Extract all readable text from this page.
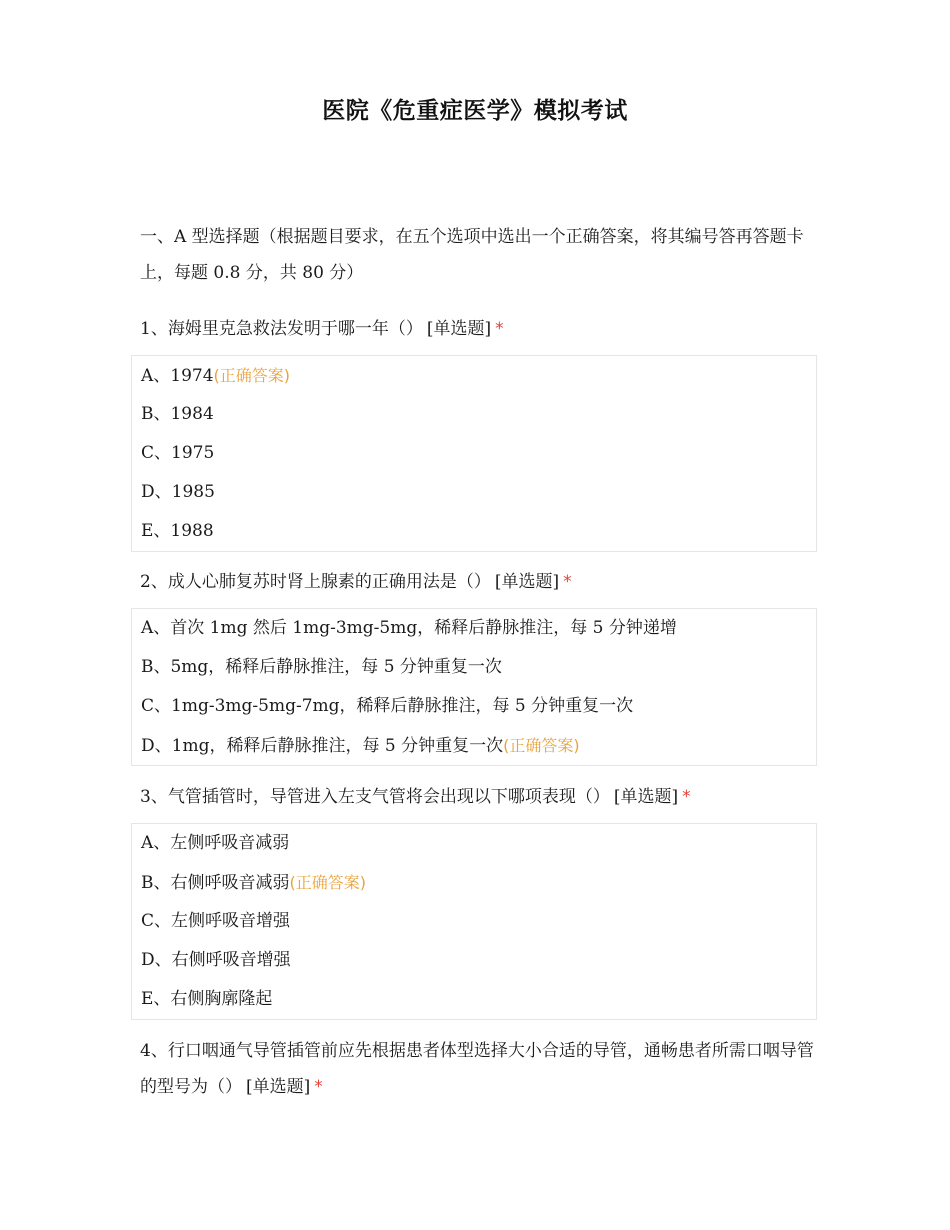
医院《危重症医学》模拟考试
一、A 型选择题（根据题目要求，在五个选项中选出一个正确答案，将其编号答再答题卡上，每题 0.8 分，共 80 分）
1、海姆里克急救法发明于哪一年（） [单选题] *
A、1974(正确答案)
B、1984
C、1975
D、1985
E、1988
2、成人心肺复苏时肾上腺素的正确用法是（） [单选题] *
A、首次 1mg 然后 1mg-3mg-5mg，稀释后静脉推注，每 5 分钟递增
B、5mg，稀释后静脉推注，每 5 分钟重复一次
C、1mg-3mg-5mg-7mg，稀释后静脉推注，每 5 分钟重复一次
D、1mg，稀释后静脉推注，每 5 分钟重复一次(正确答案)
3、气管插管时，导管进入左支气管将会出现以下哪项表现（） [单选题] *
A、左侧呼吸音减弱
B、右侧呼吸音减弱(正确答案)
C、左侧呼吸音增强
D、右侧呼吸音增强
E、右侧胸廓隆起
4、行口咽通气导管插管前应先根据患者体型选择大小合适的导管，通畅患者所需口咽导管的型号为（） [单选题] *
